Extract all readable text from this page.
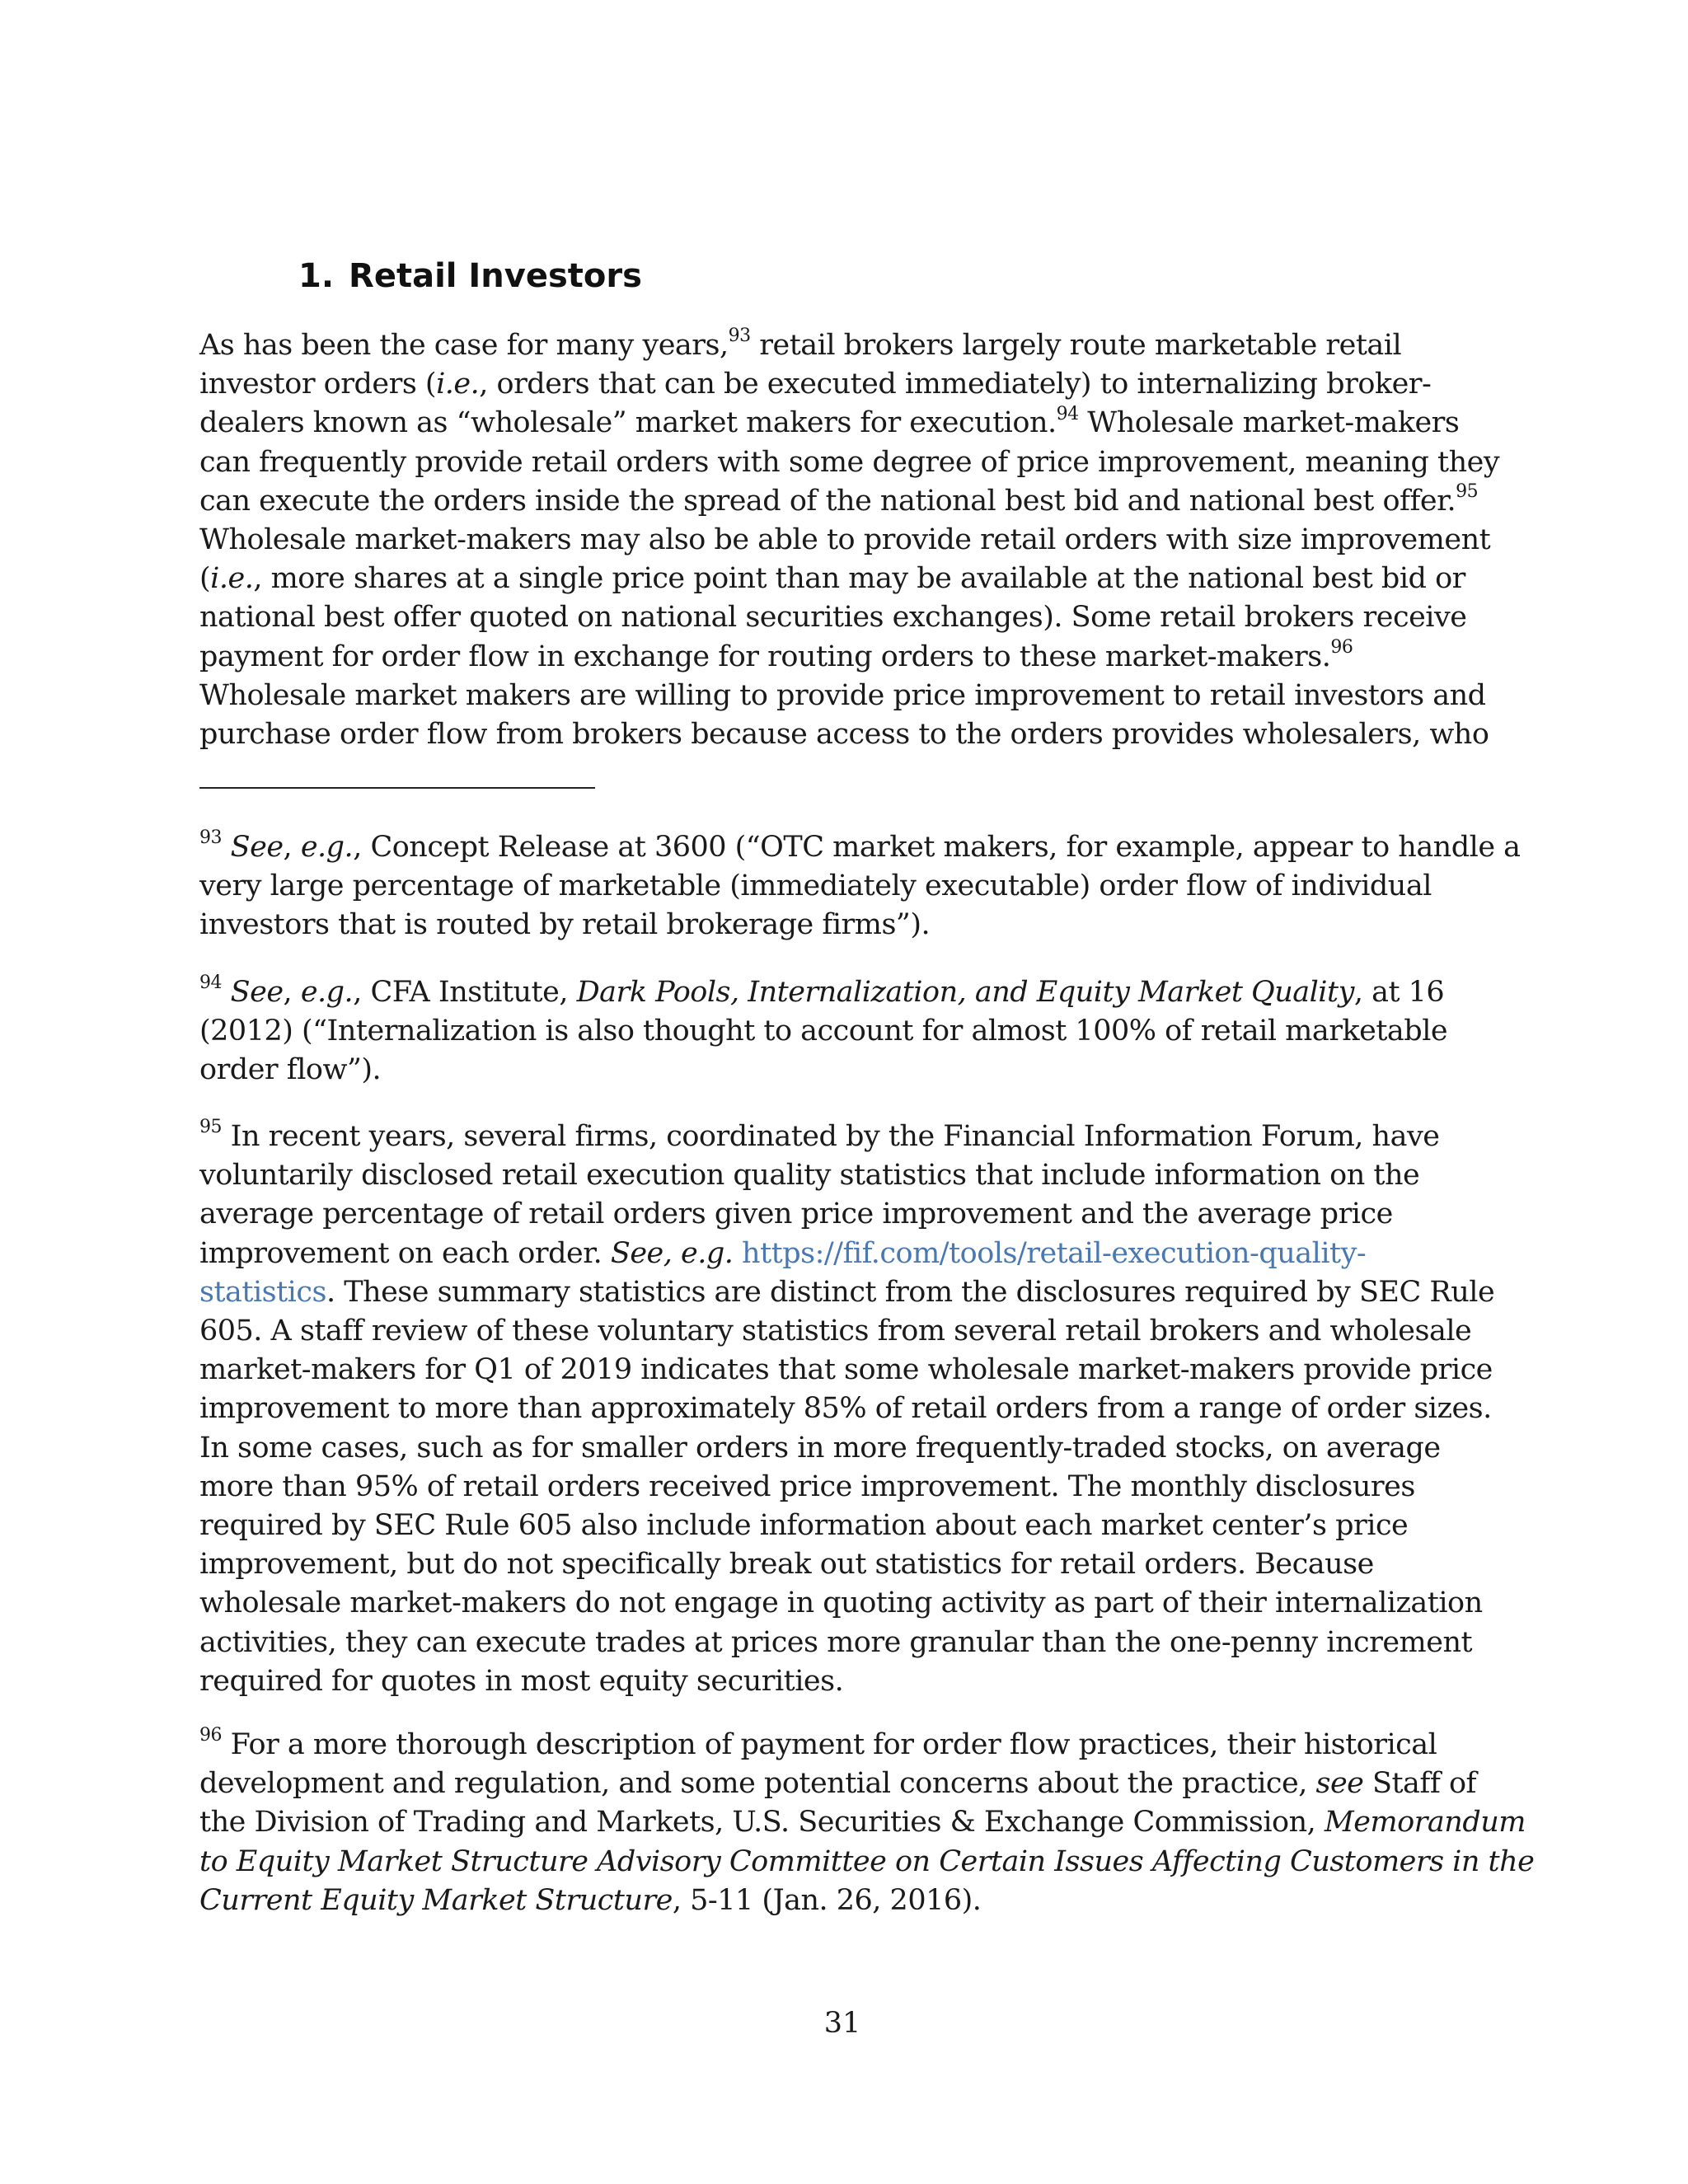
1. Retail Investors
As has been the case for many years,$^{93}$ retail brokers largely route marketable retail
investor orders (i.e., orders that can be executed immediately) to internalizing broker-
dealers known as “wholesale” market makers for execution.$^{94}$ Wholesale market-makers
can frequently provide retail orders with some degree of price improvement, meaning they
can execute the orders inside the spread of the national best bid and national best offer.$^{95}$
Wholesale market-makers may also be able to provide retail orders with size improvement
(i.e., more shares at a single price point than may be available at the national best bid or
national best offer quoted on national securities exchanges). Some retail brokers receive
payment for order flow in exchange for routing orders to these market-makers.$^{96}$
Wholesale market makers are willing to provide price improvement to retail investors and
purchase order flow from brokers because access to the orders provides wholesalers, who
$^{93}$ See, e.g., Concept Release at 3600 (“OTC market makers, for example, appear to handle a
very large percentage of marketable (immediately executable) order flow of individual
investors that is routed by retail brokerage firms”).
$^{94}$ See, e.g., CFA Institute, Dark Pools, Internalization, and Equity Market Quality, at 16
(2012) (“Internalization is also thought to account for almost 100% of retail marketable
order flow”).
$^{95}$ In recent years, several firms, coordinated by the Financial Information Forum, have
voluntarily disclosed retail execution quality statistics that include information on the
average percentage of retail orders given price improvement and the average price
improvement on each order. See, e.g. https://fif.com/tools/retail-execution-quality-
statistics. These summary statistics are distinct from the disclosures required by SEC Rule
605. A staff review of these voluntary statistics from several retail brokers and wholesale
market-makers for Q1 of 2019 indicates that some wholesale market-makers provide price
improvement to more than approximately 85% of retail orders from a range of order sizes.
In some cases, such as for smaller orders in more frequently-traded stocks, on average
more than 95% of retail orders received price improvement. The monthly disclosures
required by SEC Rule 605 also include information about each market center’s price
improvement, but do not specifically break out statistics for retail orders. Because
wholesale market-makers do not engage in quoting activity as part of their internalization
activities, they can execute trades at prices more granular than the one-penny increment
required for quotes in most equity securities.
$^{96}$ For a more thorough description of payment for order flow practices, their historical
development and regulation, and some potential concerns about the practice, see Staff of
the Division of Trading and Markets, U.S. Securities & Exchange Commission, Memorandum
to Equity Market Structure Advisory Committee on Certain Issues Affecting Customers in the
Current Equity Market Structure, 5-11 (Jan. 26, 2016).
31
